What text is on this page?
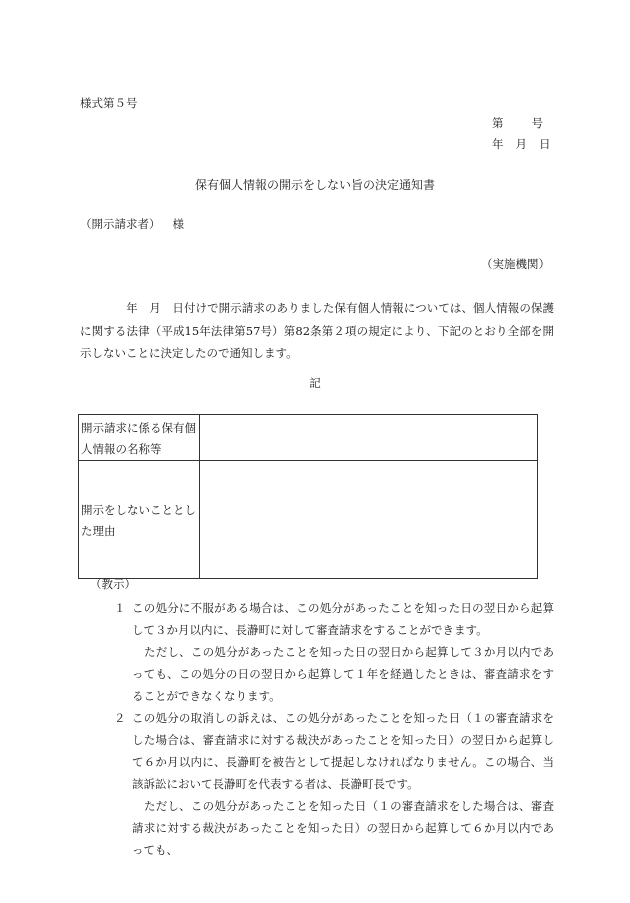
様式第５号
第 号
年 月 日
保有個人情報の開示をしない旨の決定通知書
（開示請求者） 様
（実施機関）
年　月　日付けで開示請求のありました保有個人情報については、個人情報の保護に関する法律（平成15年法律第57号）第82条第２項の規定により、下記のとおり全部を開示しないことに決定したので通知します。
記
開示請求に係る保有個人情報の名称等	
開示をしないこととした理由	
（教示）
１ この処分に不服がある場合は、この処分があったことを知った日の翌日から起算して３か月以内に、長瀞町に対して審査請求をすることができます。
ただし、この処分があったことを知った日の翌日から起算して３か月以内であっても、この処分の日の翌日から起算して１年を経過したときは、審査請求をすることができなくなります。
２ この処分の取消しの訴えは、この処分があったことを知った日（１の審査請求をした場合は、審査請求に対する裁決があったことを知った日）の翌日から起算して６か月以内に、長瀞町を被告として提起しなければなりません。この場合、当該訴訟において長瀞町を代表する者は、長瀞町長です。
ただし、この処分があったことを知った日（１の審査請求をした場合は、審査請求に対する裁決があったことを知った日）の翌日から起算して６か月以内であっても、
